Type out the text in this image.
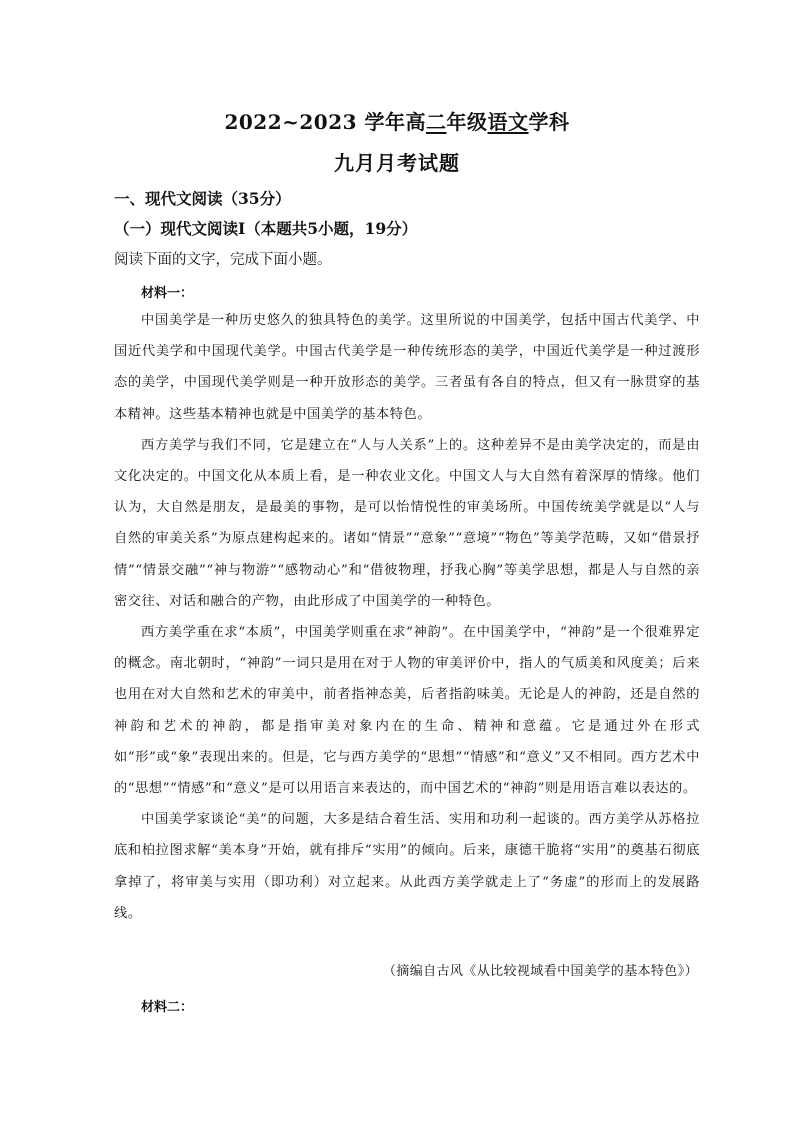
2022~2023 学年高二年级语文学科
九月月考试题
一、现代文阅读（35分）
（一）现代文阅读Ⅰ（本题共5小题，19分）
阅读下面的文字，完成下面小题。
材料一：

中国美学是一种历史悠久的独具特色的美学。这里所说的中国美学，包括中国古代美学、中国近代美学和中国现代美学。中国古代美学是一种传统形态的美学，中国近代美学是一种过渡形态的美学，中国现代美学则是一种开放形态的美学。三者虽有各自的特点，但又有一脉贯穿的基本精神。这些基本精神也就是中国美学的基本特色。

西方美学与我们不同，它是建立在“人与人关系”上的。这种差异不是由美学决定的，而是由文化决定的。中国文化从本质上看，是一种农业文化。中国文人与大自然有着深厚的情缘。他们认为，大自然是朋友，是最美的事物，是可以怡情悦性的审美场所。中国传统美学就是以“人与自然的审美关系”为原点建构起来的。诸如“情景”“意象”“意境”“物色”等美学范畴，又如“借景抒情”“情景交融”“神与物游”“感物动心”和“借彼物理，抒我心胸”等美学思想，都是人与自然的亲密交往、对话和融合的产物，由此形成了中国美学的一种特色。

西方美学重在求“本质”，中国美学则重在求“神韵”。在中国美学中，“神韵”是一个很难界定的概念。南北朝时，“神韵”一词只是用在对于人物的审美评价中，指人的气质美和风度美；后来也用在对大自然和艺术的审美中，前者指神态美，后者指韵味美。无论是人的神韵，还是自然的神韵和艺术的神韵，都是指审美对象内在的生命、精神和意蕴。它是通过外在形式如“形”或“象”表现出来的。但是，它与西方美学的“思想”“情感”和“意义”又不相同。西方艺术中的“思想”“情感”和“意义”是可以用语言来表达的，而中国艺术的“神韵”则是用语言难以表达的。

中国美学家谈论“美”的问题，大多是结合着生活、实用和功利一起谈的。西方美学从苏格拉底和柏拉图求解“美本身”开始，就有排斥“实用”的倾向。后来，康德干脆将“实用”的奠基石彻底拿掉了，将审美与实用（即功利）对立起来。从此西方美学就走上了“务虚”的形而上的发展路线。

（摘编自古风《从比较视域看中国美学的基本特色》）
材料二：
